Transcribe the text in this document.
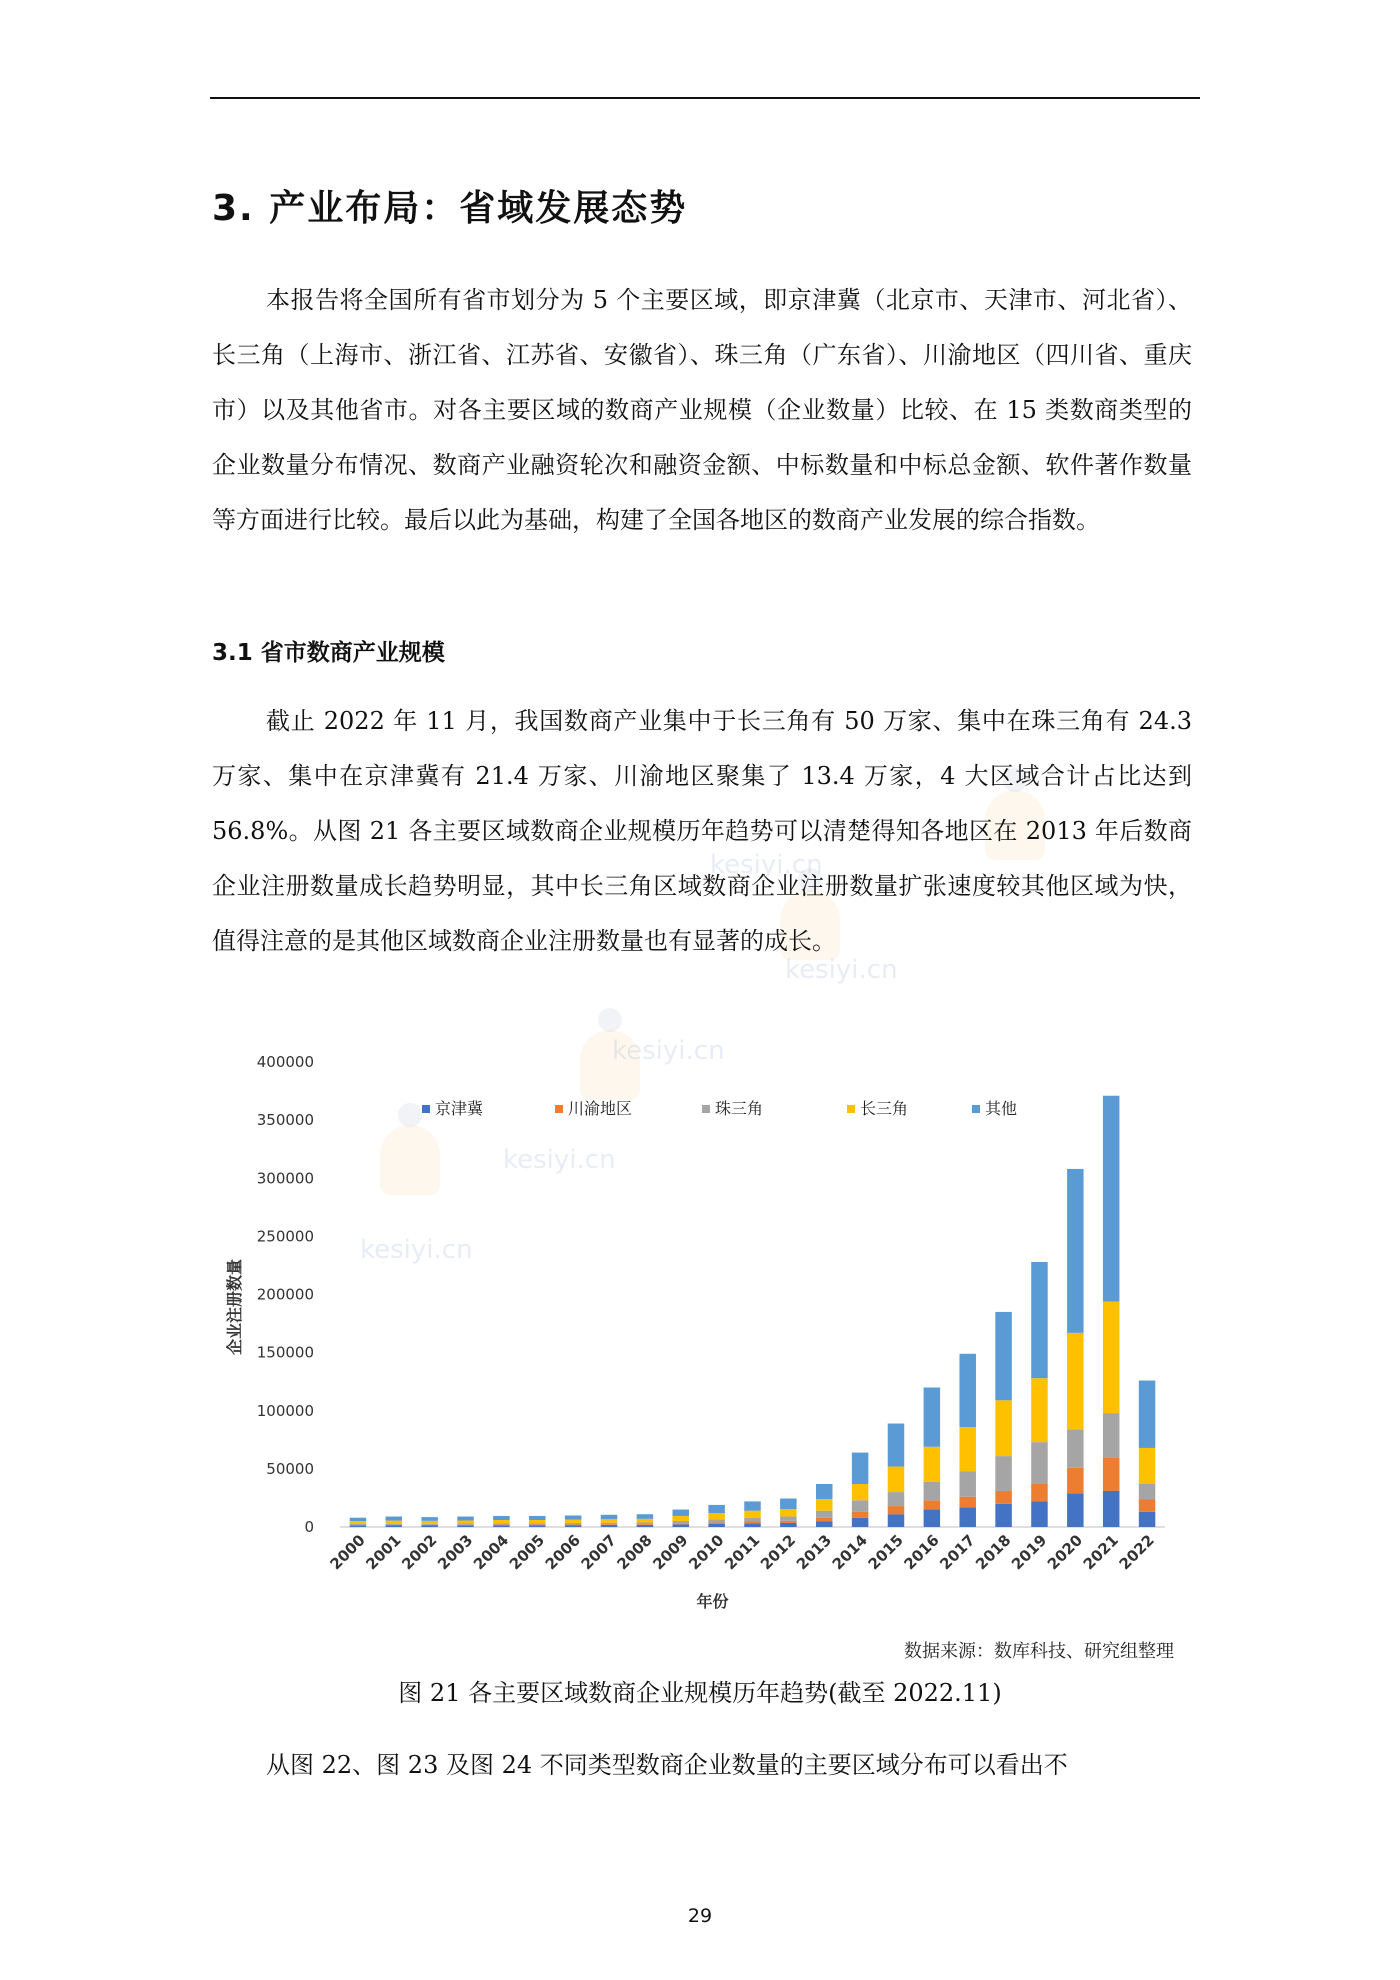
kesiyi.cn
kesiyi.cn
kesiyi.cn
kesiyi.cn
kesiyi.cn
3. 产业布局：省域发展态势

本报告将全国所有省市划分为 5 个主要区域，即京津冀（北京市、天津市、河北省）、长三角（上海市、浙江省、江苏省、安徽省）、珠三角（广东省）、川渝地区（四川省、重庆市）以及其他省市。对各主要区域的数商产业规模（企业数量）比较、在 15 类数商类型的企业数量分布情况、数商产业融资轮次和融资金额、中标数量和中标总金额、软件著作数量等方面进行比较。最后以此为基础，构建了全国各地区的数商产业发展的综合指数。

3.1 省市数商产业规模

截止 2022 年 11 月，我国数商产业集中于长三角有 50 万家、集中在珠三角有 24.3 万家、集中在京津冀有 21.4 万家、川渝地区聚集了 13.4 万家，4 大区域合计占比达到 56.8%。从图 21 各主要区域数商企业规模历年趋势可以清楚得知各地区在 2013 年后数商企业注册数量成长趋势明显，其中长三角区域数商企业注册数量扩张速度较其他区域为快，值得注意的是其他区域数商企业注册数量也有显著的成长。

0
50000
100000
150000
200000
250000
300000
350000
400000
2000
2001
2002
2003
2004
2005
2006
2007
2008
2009
2010
2011
2012
2013
2014
2015
2016
2017
2018
2019
2020
2021
2022
京津冀	川渝地区	珠三角	长三角	其他
年份
企业注册数量
数据来源：数库科技、研究组整理
图 21 各主要区域数商企业规模历年趋势(截至 2022.11)

从图 22、图 23 及图 24 不同类型数商企业数量的主要区域分布可以看出不

29
